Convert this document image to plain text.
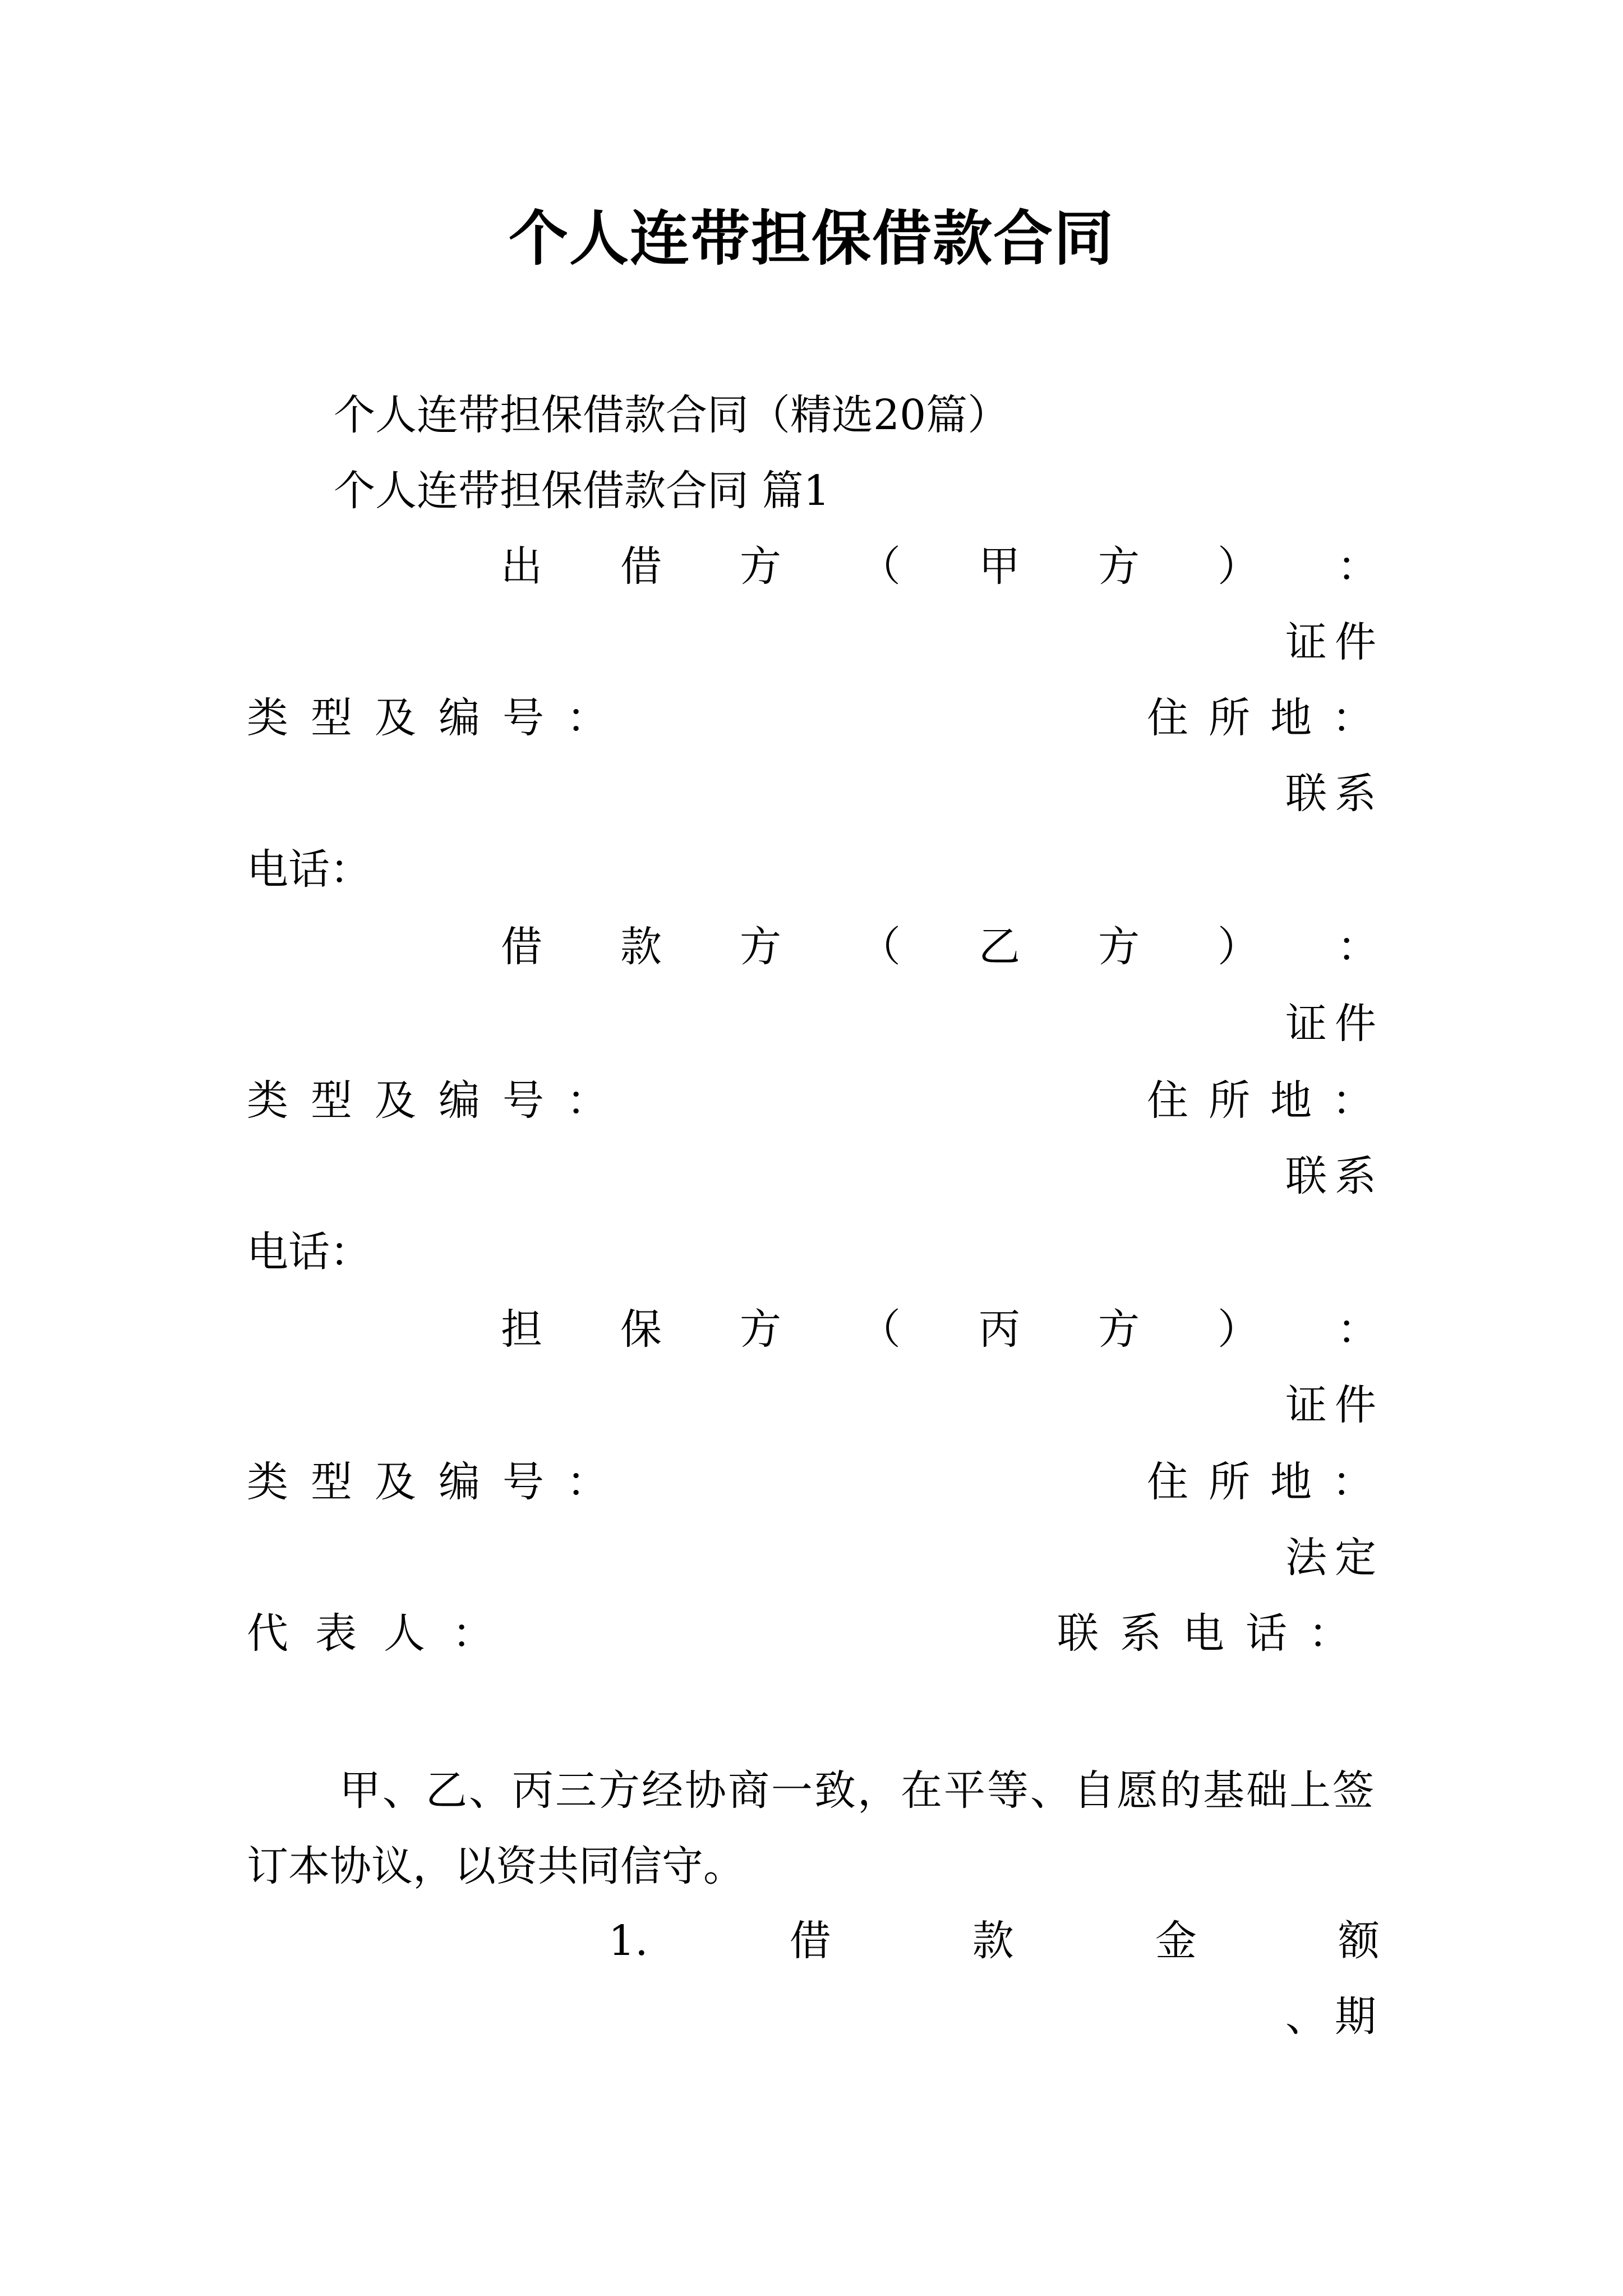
个人连带担保借款合同
个人连带担保借款合同（精选20篇）
个人连带担保借款合同 篇1
出 借 方 （ 甲 方 ） ：
证件
类型及编号：	住所地：
联系
电话：
借 款 方 （ 乙 方 ） ：
证件
类型及编号：	住所地：
联系
电话：
担 保 方 （ 丙 方 ） ：
证件
类型及编号：	住所地：
法定
代表人：	联系电话：
甲、乙、丙三方经协商一致，在平等、自愿的基础上签
订本协议，以资共同信守。
1.	借	款	金	额
、期
